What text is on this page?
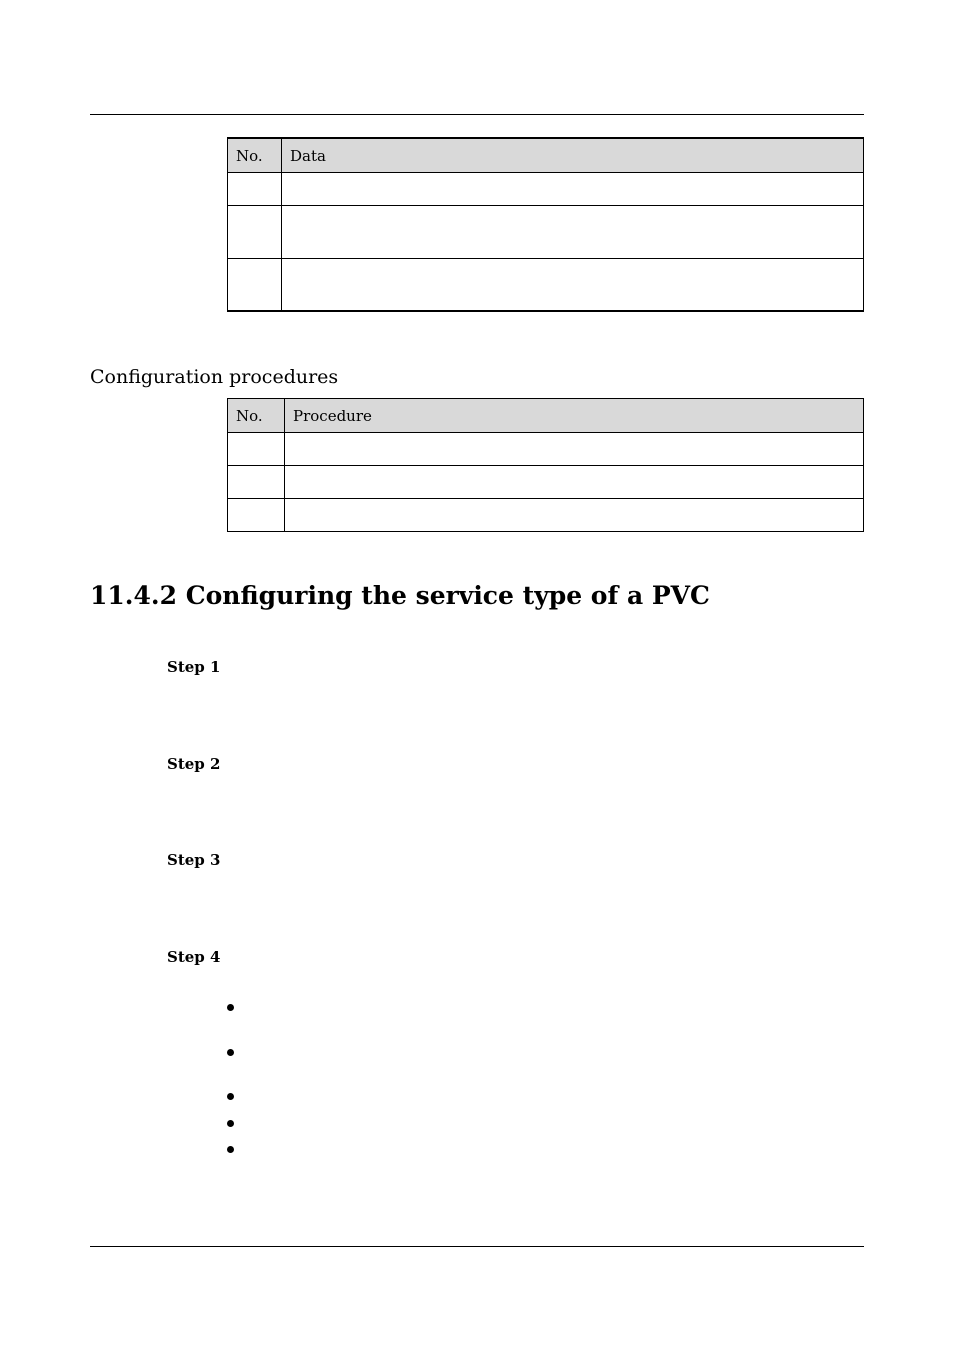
No.	Data

Configuration procedures
No.	Procedure

11.4.2 Configuring the service type of a PVC
Step 1
Step 2
Step 3
Step 4
